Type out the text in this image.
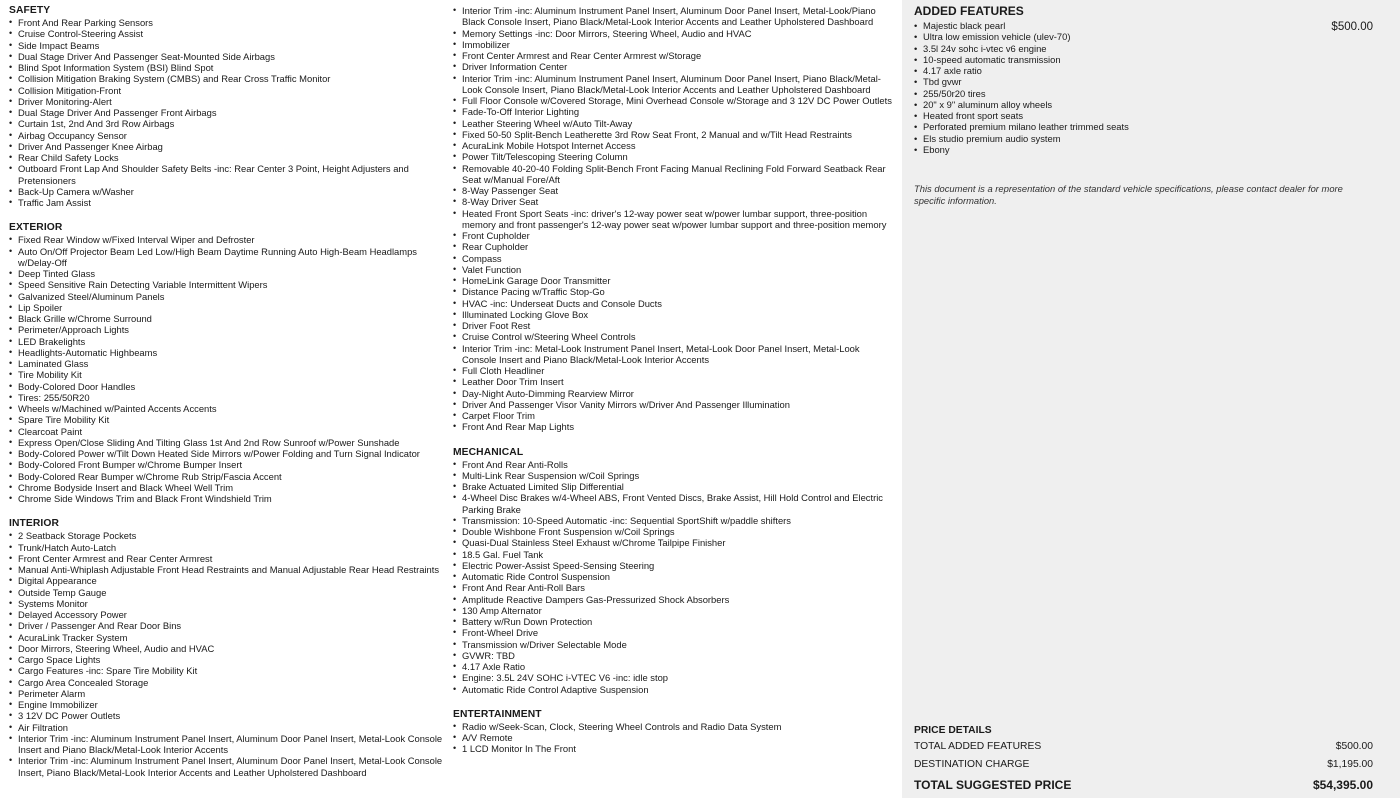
SAFETY
• Front And Rear Parking Sensors
• Cruise Control-Steering Assist
• Side Impact Beams
• Dual Stage Driver And Passenger Seat-Mounted Side Airbags
• Blind Spot Information System (BSI) Blind Spot
• Collision Mitigation Braking System (CMBS) and Rear Cross Traffic Monitor
• Collision Mitigation-Front
• Driver Monitoring-Alert
• Dual Stage Driver And Passenger Front Airbags
• Curtain 1st, 2nd And 3rd Row Airbags
• Airbag Occupancy Sensor
• Driver And Passenger Knee Airbag
• Rear Child Safety Locks
• Outboard Front Lap And Shoulder Safety Belts -inc: Rear Center 3 Point, Height Adjusters and Pretensioners
• Back-Up Camera w/Washer
• Traffic Jam Assist
EXTERIOR
• Fixed Rear Window w/Fixed Interval Wiper and Defroster
• Auto On/Off Projector Beam Led Low/High Beam Daytime Running Auto High-Beam Headlamps w/Delay-Off
• Deep Tinted Glass
• Speed Sensitive Rain Detecting Variable Intermittent Wipers
• Galvanized Steel/Aluminum Panels
• Lip Spoiler
• Black Grille w/Chrome Surround
• Perimeter/Approach Lights
• LED Brakelights
• Headlights-Automatic Highbeams
• Laminated Glass
• Tire Mobility Kit
• Body-Colored Door Handles
• Tires: 255/50R20
• Wheels w/Machined w/Painted Accents Accents
• Spare Tire Mobility Kit
• Clearcoat Paint
• Express Open/Close Sliding And Tilting Glass 1st And 2nd Row Sunroof w/Power Sunshade
• Body-Colored Power w/Tilt Down Heated Side Mirrors w/Power Folding and Turn Signal Indicator
• Body-Colored Front Bumper w/Chrome Bumper Insert
• Body-Colored Rear Bumper w/Chrome Rub Strip/Fascia Accent
• Chrome Bodyside Insert and Black Wheel Well Trim
• Chrome Side Windows Trim and Black Front Windshield Trim
INTERIOR
• 2 Seatback Storage Pockets
• Trunk/Hatch Auto-Latch
• Front Center Armrest and Rear Center Armrest
• Manual Anti-Whiplash Adjustable Front Head Restraints and Manual Adjustable Rear Head Restraints
• Digital Appearance
• Outside Temp Gauge
• Systems Monitor
• Delayed Accessory Power
• Driver / Passenger And Rear Door Bins
• AcuraLink Tracker System
• Door Mirrors, Steering Wheel, Audio and HVAC
• Cargo Space Lights
• Cargo Features -inc: Spare Tire Mobility Kit
• Cargo Area Concealed Storage
• Perimeter Alarm
• Engine Immobilizer
• 3 12V DC Power Outlets
• Air Filtration
• Interior Trim -inc: Aluminum Instrument Panel Insert, Aluminum Door Panel Insert, Metal-Look Console Insert and Piano Black/Metal-Look Interior Accents
• Interior Trim -inc: Aluminum Instrument Panel Insert, Aluminum Door Panel Insert, Metal-Look Console Insert, Piano Black/Metal-Look Interior Accents and Leather Upholstered Dashboard
• Interior Trim -inc: Aluminum Instrument Panel Insert, Aluminum Door Panel Insert, Metal-Look/Piano Black Console Insert, Piano Black/Metal-Look Interior Accents and Leather Upholstered Dashboard
• Memory Settings -inc: Door Mirrors, Steering Wheel, Audio and HVAC
• Immobilizer
• Front Center Armrest and Rear Center Armrest w/Storage
• Driver Information Center
• Interior Trim -inc: Aluminum Instrument Panel Insert, Aluminum Door Panel Insert, Piano Black/Metal-Look Console Insert, Piano Black/Metal-Look Interior Accents and Leather Upholstered Dashboard
• Full Floor Console w/Covered Storage, Mini Overhead Console w/Storage and 3 12V DC Power Outlets
• Fade-To-Off Interior Lighting
• Leather Steering Wheel w/Auto Tilt-Away
• Fixed 50-50 Split-Bench Leatherette 3rd Row Seat Front, 2 Manual and w/Tilt Head Restraints
• AcuraLink Mobile Hotspot Internet Access
• Power Tilt/Telescoping Steering Column
• Removable 40-20-40 Folding Split-Bench Front Facing Manual Reclining Fold Forward Seatback Rear Seat w/Manual Fore/Aft
• 8-Way Passenger Seat
• 8-Way Driver Seat
• Heated Front Sport Seats -inc: driver's 12-way power seat w/power lumbar support, three-position memory and front passenger's 12-way power seat w/power lumbar support and three-position memory
• Front Cupholder
• Rear Cupholder
• Compass
• Valet Function
• HomeLink Garage Door Transmitter
• Distance Pacing w/Traffic Stop-Go
• HVAC -inc: Underseat Ducts and Console Ducts
• Illuminated Locking Glove Box
• Driver Foot Rest
• Cruise Control w/Steering Wheel Controls
• Interior Trim -inc: Metal-Look Instrument Panel Insert, Metal-Look Door Panel Insert, Metal-Look Console Insert and Piano Black/Metal-Look Interior Accents
• Full Cloth Headliner
• Leather Door Trim Insert
• Day-Night Auto-Dimming Rearview Mirror
• Driver And Passenger Visor Vanity Mirrors w/Driver And Passenger Illumination
• Carpet Floor Trim
• Front And Rear Map Lights
MECHANICAL
• Front And Rear Anti-Rolls
• Multi-Link Rear Suspension w/Coil Springs
• Brake Actuated Limited Slip Differential
• 4-Wheel Disc Brakes w/4-Wheel ABS, Front Vented Discs, Brake Assist, Hill Hold Control and Electric Parking Brake
• Transmission: 10-Speed Automatic -inc: Sequential SportShift w/paddle shifters
• Double Wishbone Front Suspension w/Coil Springs
• Quasi-Dual Stainless Steel Exhaust w/Chrome Tailpipe Finisher
• 18.5 Gal. Fuel Tank
• Electric Power-Assist Speed-Sensing Steering
• Automatic Ride Control Suspension
• Front And Rear Anti-Roll Bars
• Amplitude Reactive Dampers Gas-Pressurized Shock Absorbers
• 130 Amp Alternator
• Battery w/Run Down Protection
• Front-Wheel Drive
• Transmission w/Driver Selectable Mode
• GVWR: TBD
• 4.17 Axle Ratio
• Engine: 3.5L 24V SOHC i-VTEC V6 -inc: idle stop
• Automatic Ride Control Adaptive Suspension
ENTERTAINMENT
• Radio w/Seek-Scan, Clock, Steering Wheel Controls and Radio Data System
• A/V Remote
• 1 LCD Monitor In The Front
ADDED FEATURES
$500.00
• Majestic black pearl
• Ultra low emission vehicle (ulev-70)
• 3.5l 24v sohc i-vtec v6 engine
• 10-speed automatic transmission
• 4.17 axle ratio
• Tbd gvwr
• 255/50r20 tires
• 20" x 9" aluminum alloy wheels
• Heated front sport seats
• Perforated premium milano leather trimmed seats
• Els studio premium audio system
• Ebony
This document is a representation of the standard vehicle specifications, please contact dealer for more specific information.
PRICE DETAILS
TOTAL ADDED FEATURES	$500.00
DESTINATION CHARGE	$1,195.00
TOTAL SUGGESTED PRICE	$54,395.00
